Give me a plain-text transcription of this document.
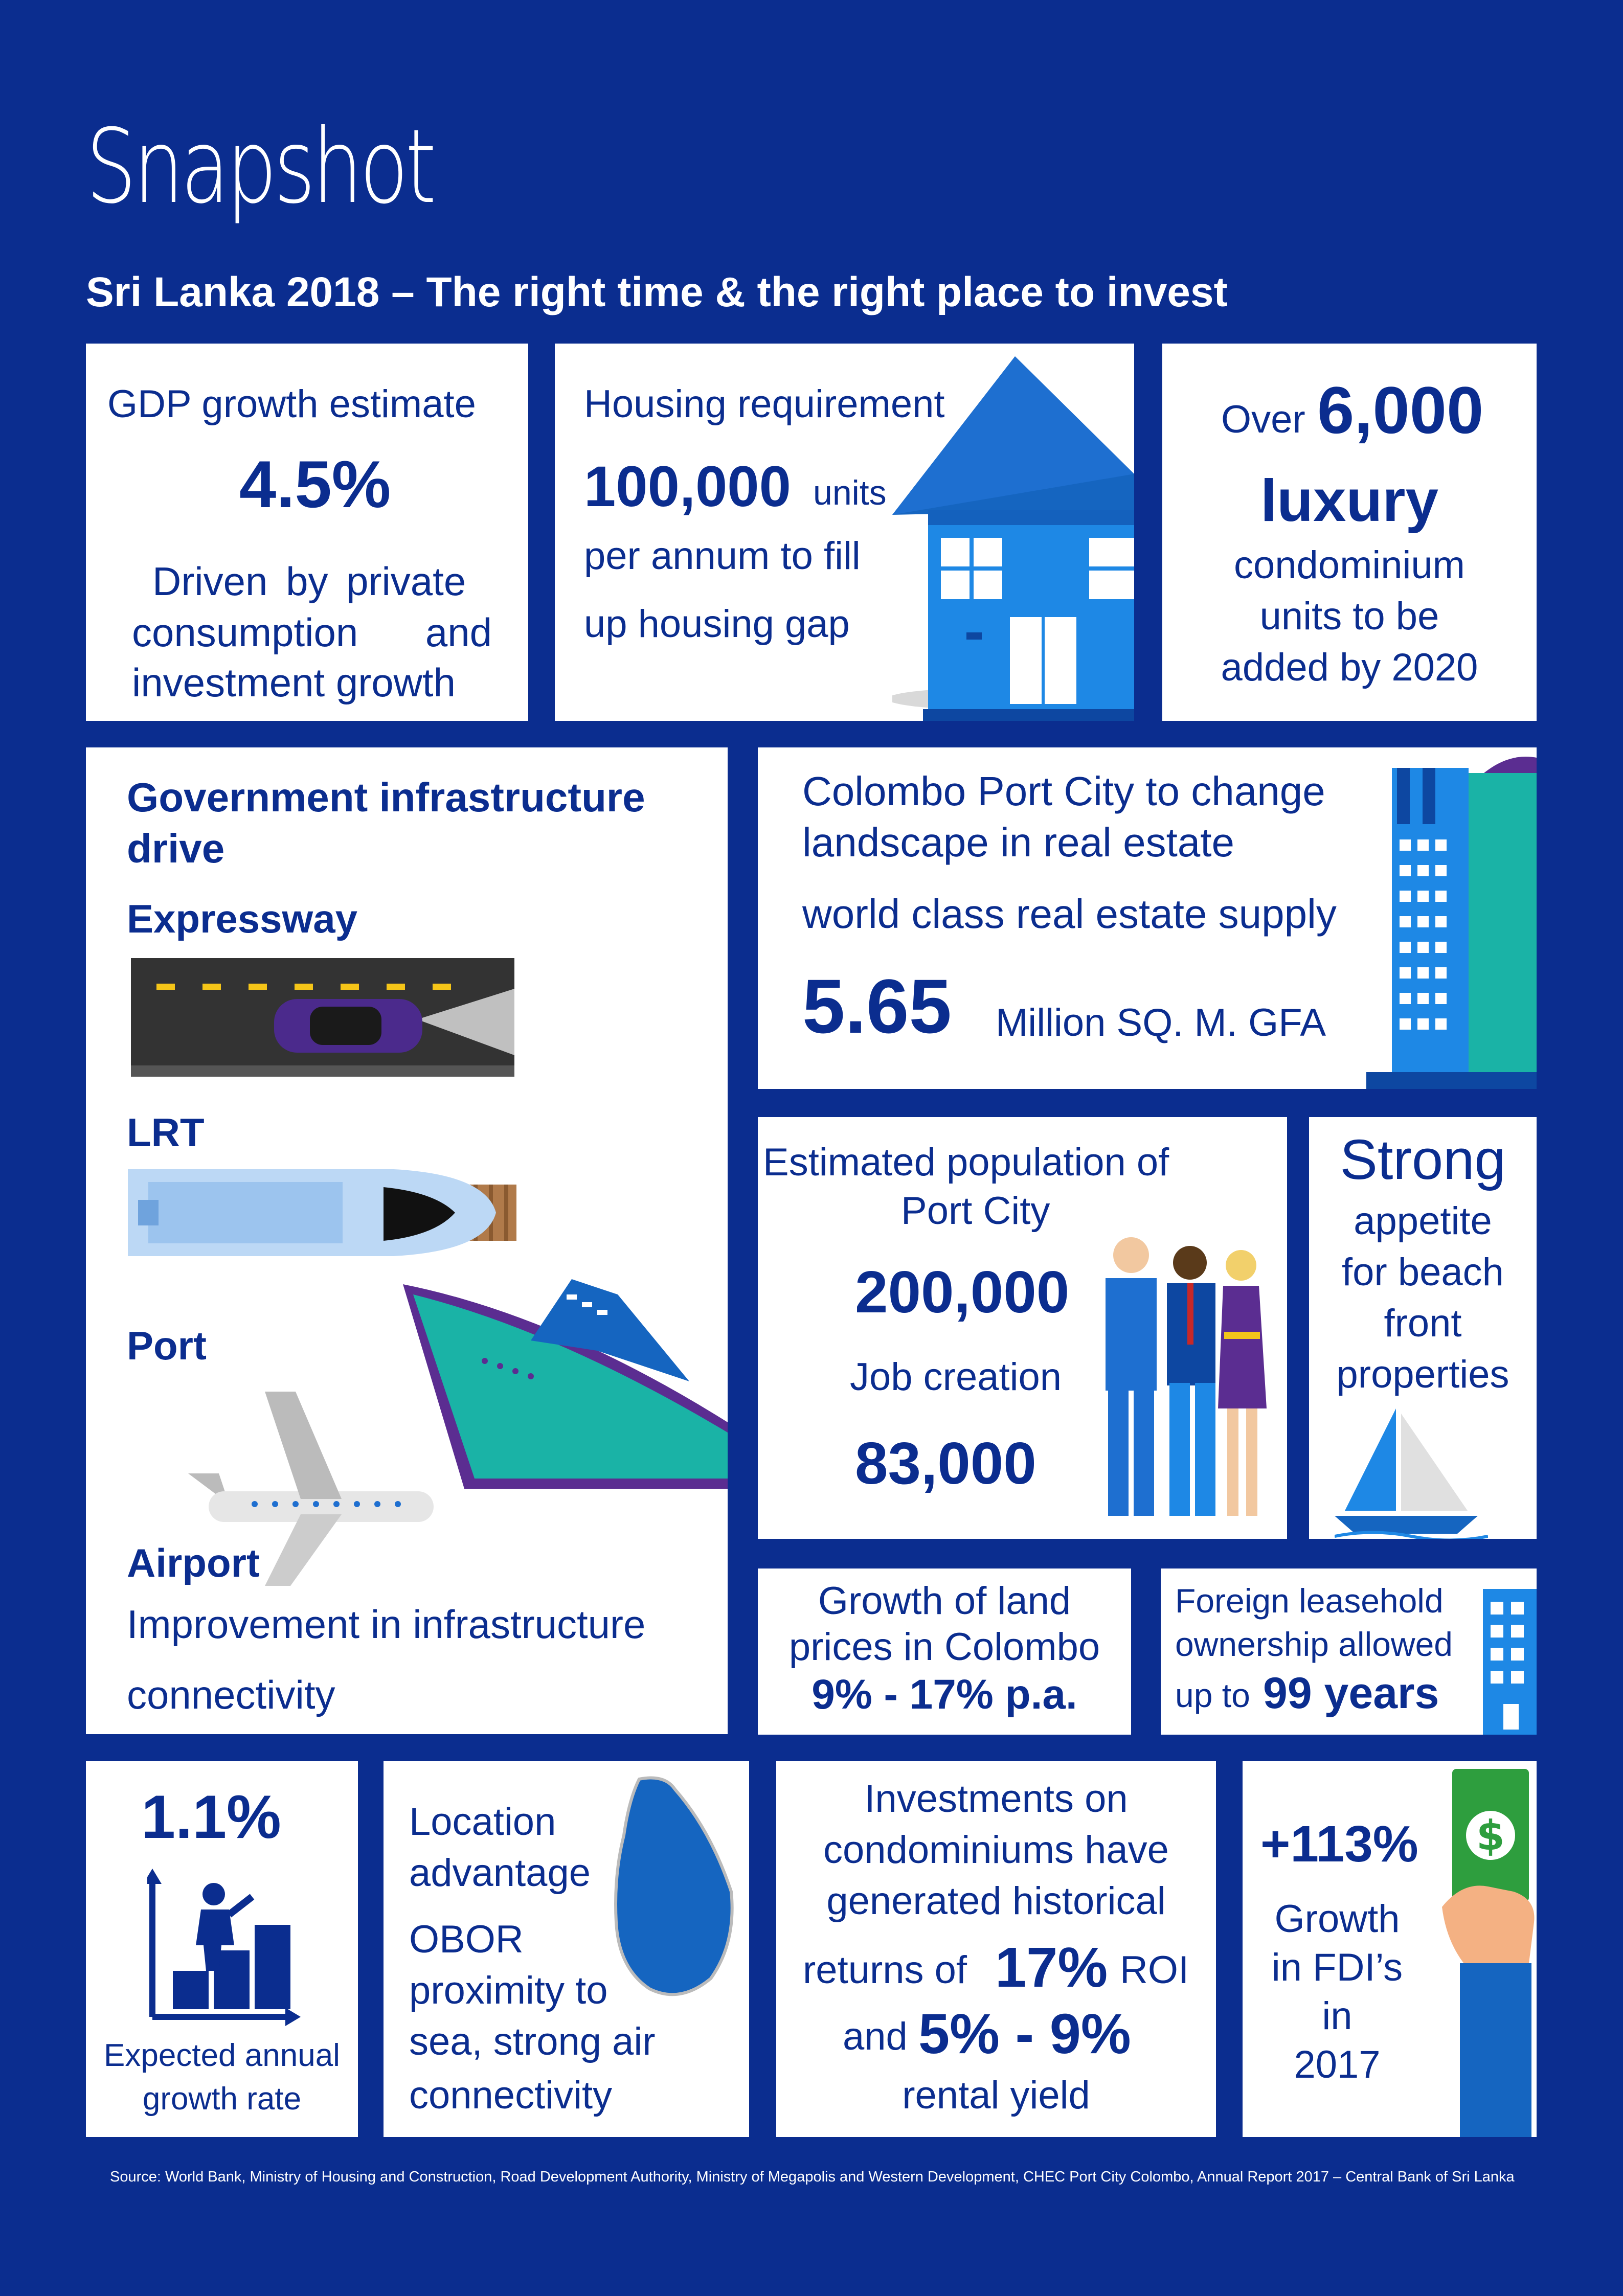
Snapshot
Sri Lanka 2018 – The right time & the right place to invest
GDP growth estimate
4.5%
Driven by private
consumption and
investment growth
Housing requirement
100,000 units
per annum to fill
up housing gap
Over 6,000
luxury
condominium
units to be
added by 2020
Government infrastructure
drive
Expressway
LRT
Port
Airport
Improvement in infrastructure
connectivity
Colombo Port City to change
landscape in real estate
world class real estate supply
5.65 Million SQ. M. GFA
Estimated population of
Port City
200,000
Job creation
83,000
Strong
appetite
for beach
front
properties
Growth of land
prices in Colombo
9% - 17% p.a.
Foreign leasehold
ownership allowed
up to 99 years
1.1%
Expected annual
growth rate
Location
advantage
OBOR
proximity to
sea, strong air
connectivity
Investments on
condominiums have
generated historical
returns of 17% ROI
and 5% - 9%
rental yield
+113%
Growth
in FDI’s
in
2017
$
Source: World Bank, Ministry of Housing and Construction, Road Development Authority, Ministry of Megapolis and Western Development, CHEC Port City Colombo, Annual Report 2017 – Central Bank of Sri Lanka
